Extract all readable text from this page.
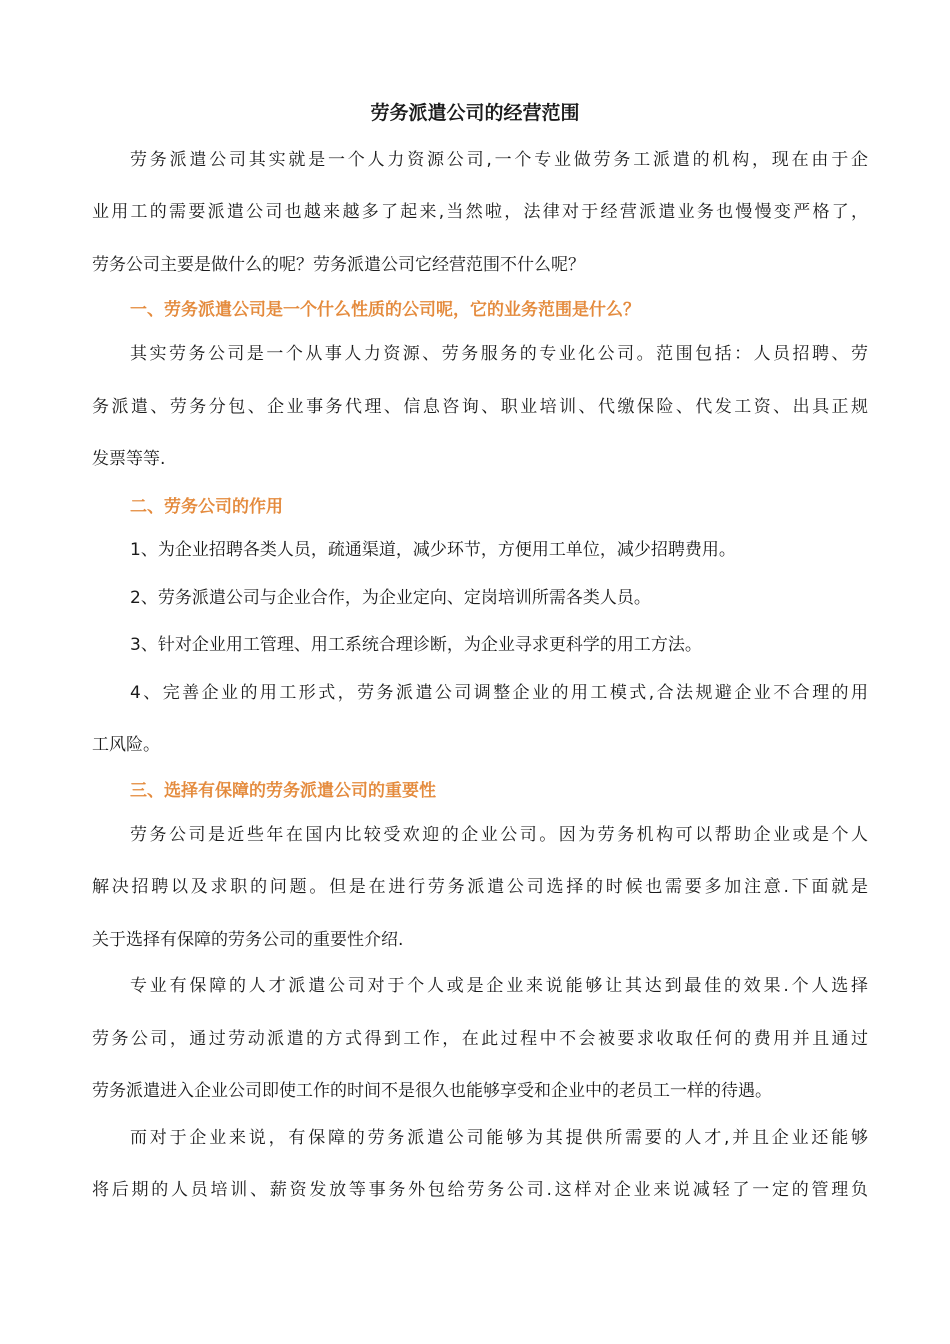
劳务派遣公司的经营范围
劳务派遣公司其实就是一个人力资源公司,一个专业做劳务工派遣的机构，现在由于企
业用工的需要派遣公司也越来越多了起来,当然啦，法律对于经营派遣业务也慢慢变严格了，
劳务公司主要是做什么的呢？劳务派遣公司它经营范围不什么呢？
一、劳务派遣公司是一个什么性质的公司呢，它的业务范围是什么？
其实劳务公司是一个从事人力资源、劳务服务的专业化公司。范围包括：人员招聘、劳
务派遣、劳务分包、企业事务代理、信息咨询、职业培训、代缴保险、代发工资、出具正规
发票等等.
二、劳务公司的作用
1、为企业招聘各类人员，疏通渠道，减少环节，方便用工单位，减少招聘费用。
2、劳务派遣公司与企业合作，为企业定向、定岗培训所需各类人员。
3、针对企业用工管理、用工系统合理诊断，为企业寻求更科学的用工方法。
4、完善企业的用工形式，劳务派遣公司调整企业的用工模式,合法规避企业不合理的用
工风险。
三、选择有保障的劳务派遣公司的重要性
劳务公司是近些年在国内比较受欢迎的企业公司。因为劳务机构可以帮助企业或是个人
解决招聘以及求职的问题。但是在进行劳务派遣公司选择的时候也需要多加注意.下面就是
关于选择有保障的劳务公司的重要性介绍.
专业有保障的人才派遣公司对于个人或是企业来说能够让其达到最佳的效果.个人选择
劳务公司，通过劳动派遣的方式得到工作，在此过程中不会被要求收取任何的费用并且通过
劳务派遣进入企业公司即使工作的时间不是很久也能够享受和企业中的老员工一样的待遇。
而对于企业来说，有保障的劳务派遣公司能够为其提供所需要的人才,并且企业还能够
将后期的人员培训、薪资发放等事务外包给劳务公司.这样对企业来说减轻了一定的管理负
